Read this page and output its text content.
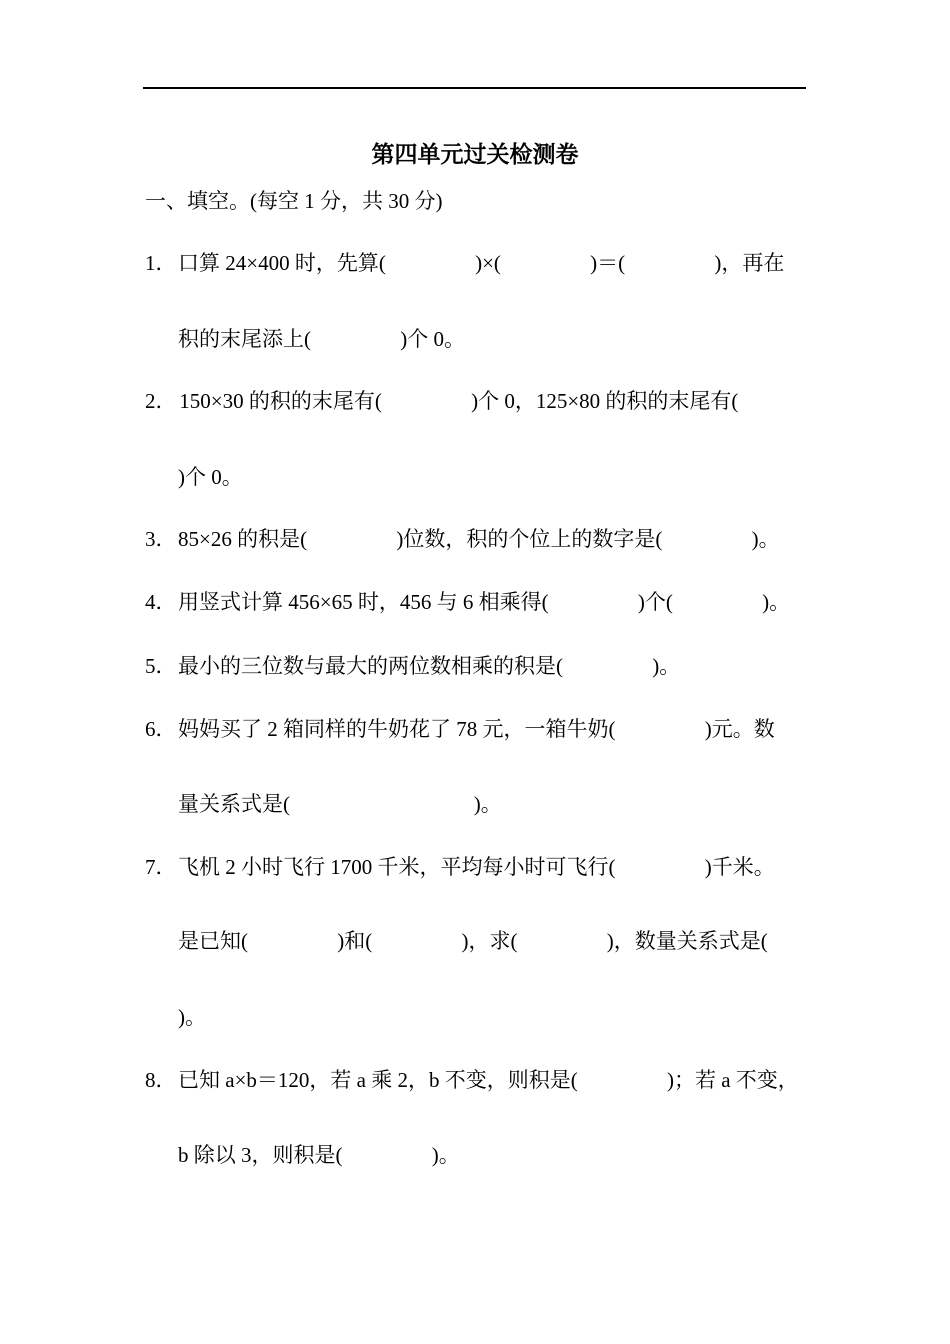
第四单元过关检测卷
一、填空。(每空 1 分，共 30 分)
1． 口算 24×400 时，先算(                 )×(                 )＝(                 )，再在
积的末尾添上(                 )个 0。
2．
150×30 的积的末尾有(                 )个 0，125×80 的积的末尾有(
)个 0。
3． 85×26 的积是(                 )位数，积的个位上的数字是(                 )。
4． 用竖式计算 456×65 时，456 与 6 相乘得(                 )个(                 )。
5． 最小的三位数与最大的两位数相乘的积是(                 )。
6． 妈妈买了 2 箱同样的牛奶花了 78 元，一箱牛奶(                 )元。数
量关系式是(                                   )。
7． 飞机 2 小时飞行 1700 千米，平均每小时可飞行(                 )千米。
是已知(                 )和(                 )，求(                 )，数量关系式是(
)。
8． 已知 a×b＝120，若 a 乘 2，b 不变，则积是(                 )；若 a 不变，
b 除以 3，则积是(                 )。
